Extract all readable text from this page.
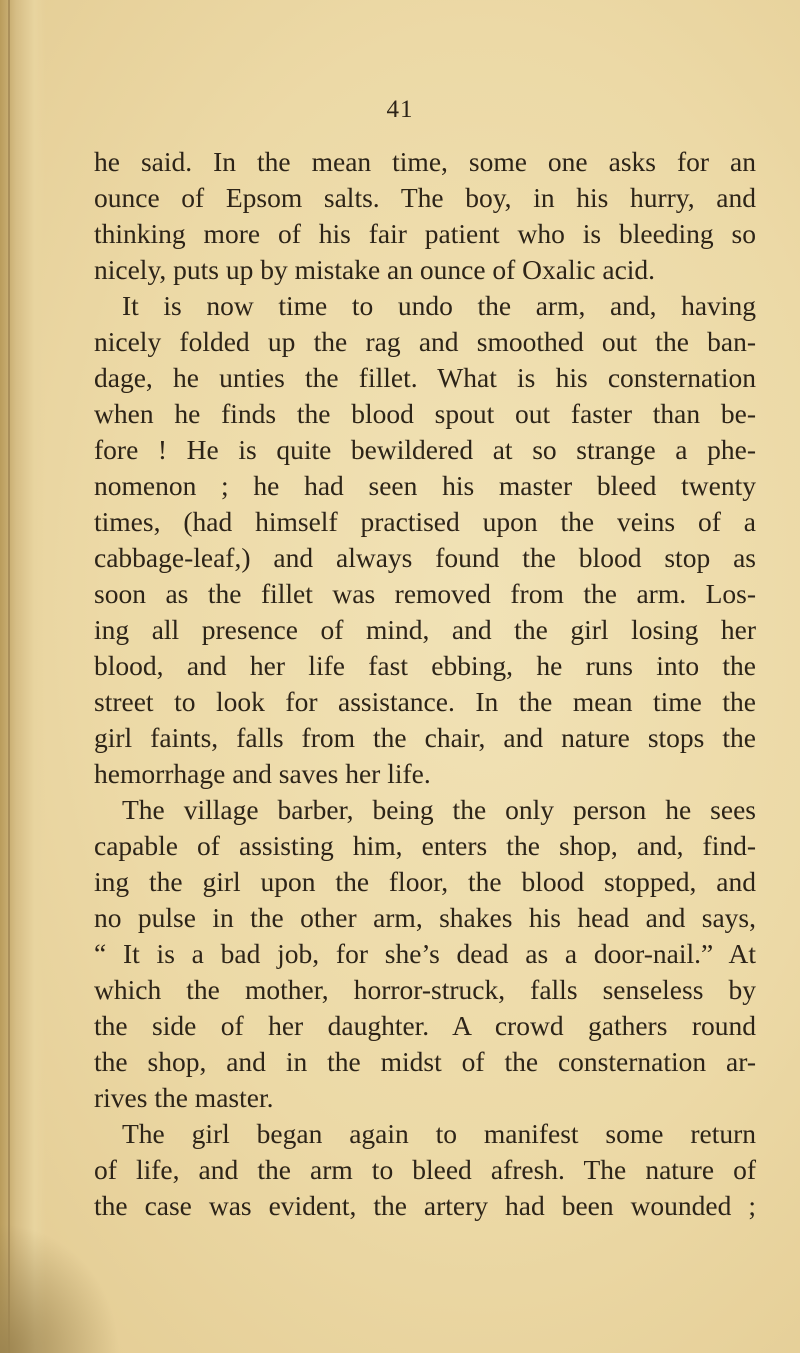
41
he said. In the mean time, some one asks for an
ounce of Epsom salts. The boy, in his hurry, and
thinking more of his fair patient who is bleeding so
nicely, puts up by mistake an ounce of Oxalic acid.
It is now time to undo the arm, and, having
nicely folded up the rag and smoothed out the ban-
dage, he unties the fillet. What is his consternation
when he finds the blood spout out faster than be-
fore ! He is quite bewildered at so strange a phe-
nomenon ; he had seen his master bleed twenty
times, (had himself practised upon the veins of a
cabbage-leaf,) and always found the blood stop as
soon as the fillet was removed from the arm. Los-
ing all presence of mind, and the girl losing her
blood, and her life fast ebbing, he runs into the
street to look for assistance. In the mean time the
girl faints, falls from the chair, and nature stops the
hemorrhage and saves her life.
The village barber, being the only person he sees
capable of assisting him, enters the shop, and, find-
ing the girl upon the floor, the blood stopped, and
no pulse in the other arm, shakes his head and says,
“ It is a bad job, for she’s dead as a door-nail.” At
which the mother, horror-struck, falls senseless by
the side of her daughter. A crowd gathers round
the shop, and in the midst of the consternation ar-
rives the master.
The girl began again to manifest some return
of life, and the arm to bleed afresh. The nature of
the case was evident, the artery had been wounded ;
